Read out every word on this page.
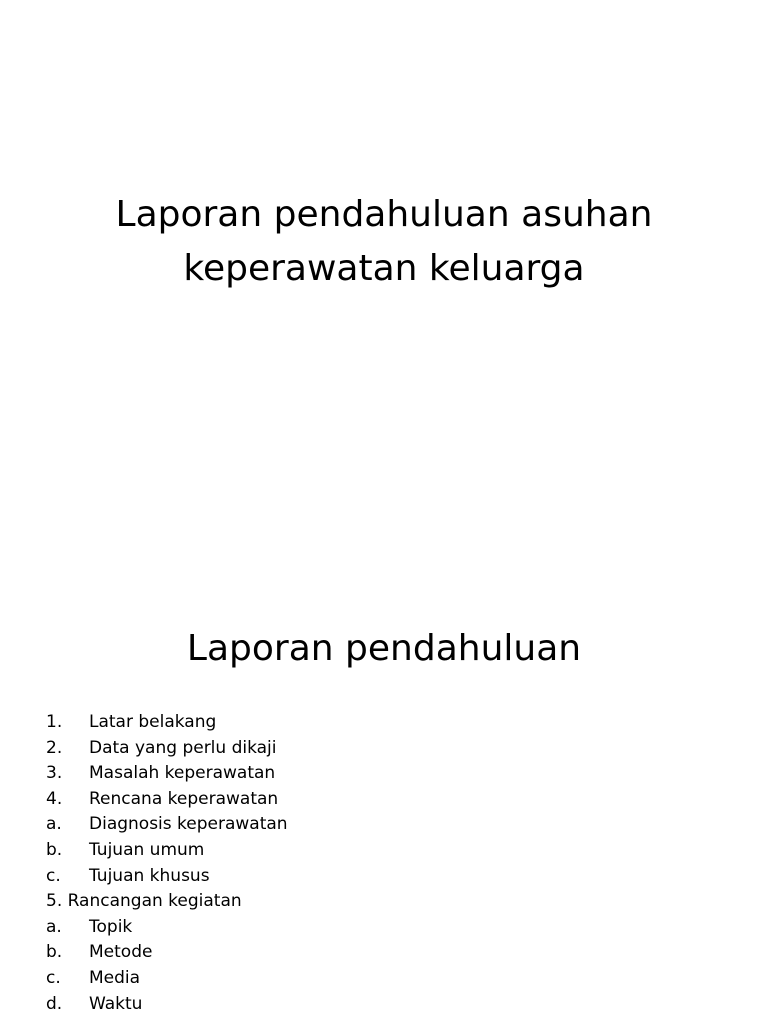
Laporan pendahuluan asuhan
keperawatan keluarga
Laporan pendahuluan
1.	Latar belakang
2.	Data yang perlu dikaji
3.	Masalah keperawatan
4.	Rencana keperawatan
a.	Diagnosis keperawatan
b.	Tujuan umum
c.	Tujuan khusus
5. Rancangan kegiatan
a.	Topik
b.	Metode
c.	Media
d.	Waktu
